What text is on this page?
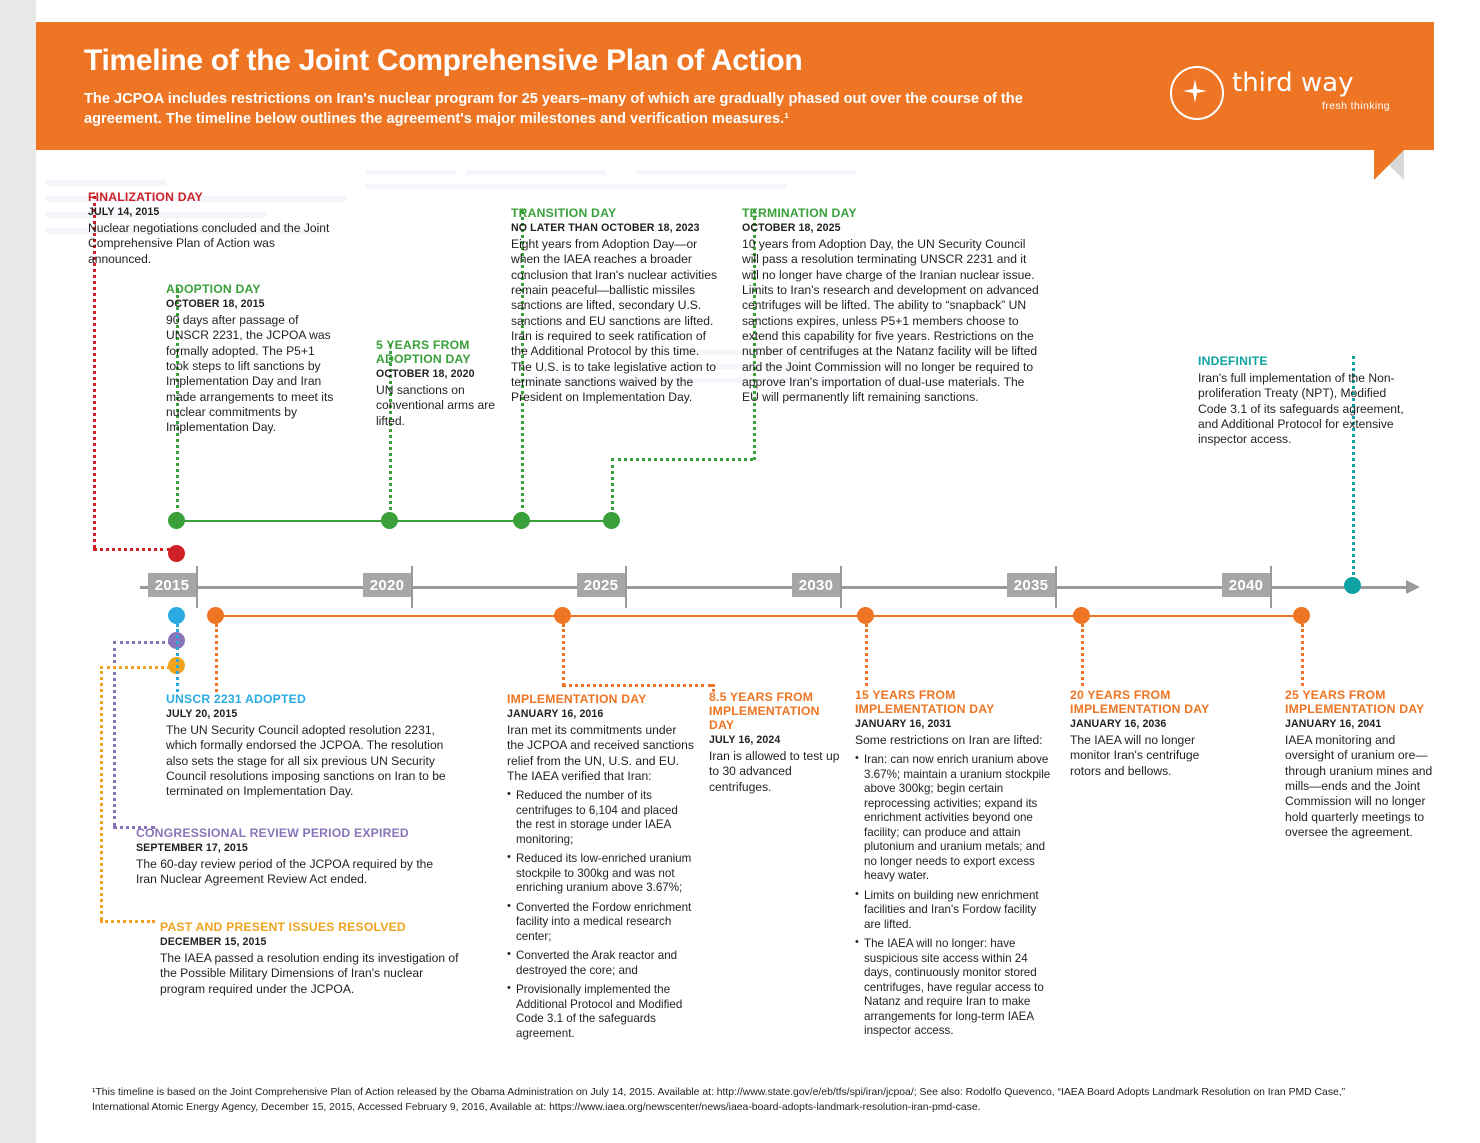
Timeline of the Joint Comprehensive Plan of Action
The JCPOA includes restrictions on Iran's nuclear program for 25 years–many of which are gradually phased out over the course of the agreement. The timeline below outlines the agreement's major milestones and verification measures.¹
third way
fresh thinking
2015	2020	2025	2030	2035	2040
FINALIZATION DAY
JULY 14, 2015
Nuclear negotiations concluded and the Joint Comprehensive Plan of Action was announced.
ADOPTION DAY
OCTOBER 18, 2015
90 days after passage of UNSCR 2231, the JCPOA was formally adopted. The P5+1 took steps to lift sanctions by Implementation Day and Iran made arrangements to meet its nuclear commitments by Implementation Day.
5 YEARS FROM ADOPTION DAY
OCTOBER 18, 2020
UN sanctions on conventional arms are lifted.
TRANSITION DAY
NO LATER THAN OCTOBER 18, 2023
Eight years from Adoption Day—or when the IAEA reaches a broader conclusion that Iran's nuclear activities remain peaceful—ballistic missiles sanctions are lifted, secondary U.S. sanctions and EU sanctions are lifted. Iran is required to seek ratification of the Additional Protocol by this time. The U.S. is to take legislative action to terminate sanctions waived by the President on Implementation Day.
TERMINATION DAY
OCTOBER 18, 2025
10 years from Adoption Day, the UN Security Council will pass a resolution terminating UNSCR 2231 and it will no longer have charge of the Iranian nuclear issue. Limits to Iran's research and development on advanced centrifuges will be lifted. The ability to “snapback” UN sanctions expires, unless P5+1 members choose to extend this capability for five years. Restrictions on the number of centrifuges at the Natanz facility will be lifted and the Joint Commission will no longer be required to approve Iran's importation of dual-use materials. The EU will permanently lift remaining sanctions.
INDEFINITE
Iran's full implementation of the Non-proliferation Treaty (NPT), Modified Code 3.1 of its safeguards agreement, and Additional Protocol for extensive inspector access.
UNSCR 2231 ADOPTED
JULY 20, 2015
The UN Security Council adopted resolution 2231, which formally endorsed the JCPOA. The resolution also sets the stage for all six previous UN Security Council resolutions imposing sanctions on Iran to be terminated on Implementation Day.
CONGRESSIONAL REVIEW PERIOD EXPIRED
SEPTEMBER 17, 2015
The 60-day review period of the JCPOA required by the Iran Nuclear Agreement Review Act ended.
PAST AND PRESENT ISSUES RESOLVED
DECEMBER 15, 2015
The IAEA passed a resolution ending its investigation of the Possible Military Dimensions of Iran's nuclear program required under the JCPOA.
IMPLEMENTATION DAY
JANUARY 16, 2016
Iran met its commitments under the JCPOA and received sanctions relief from the UN, U.S. and EU. The IAEA verified that Iran:
• Reduced the number of its centrifuges to 6,104 and placed the rest in storage under IAEA monitoring;
• Reduced its low-enriched uranium stockpile to 300kg and was not enriching uranium above 3.67%;
• Converted the Fordow enrichment facility into a medical research center;
• Converted the Arak reactor and destroyed the core; and
• Provisionally implemented the Additional Protocol and Modified Code 3.1 of the safeguards agreement.
8.5 YEARS FROM IMPLEMENTATION DAY
JULY 16, 2024
Iran is allowed to test up to 30 advanced centrifuges.
15 YEARS FROM IMPLEMENTATION DAY
JANUARY 16, 2031
Some restrictions on Iran are lifted:
• Iran: can now enrich uranium above 3.67%; maintain a uranium stockpile above 300kg; begin certain reprocessing activities; expand its enrichment activities beyond one facility; can produce and attain plutonium and uranium metals; and no longer needs to export excess heavy water.
• Limits on building new enrichment facilities and Iran's Fordow facility are lifted.
• The IAEA will no longer: have suspicious site access within 24 days, continuously monitor stored centrifuges, have regular access to Natanz and require Iran to make arrangements for long-term IAEA inspector access.
20 YEARS FROM IMPLEMENTATION DAY
JANUARY 16, 2036
The IAEA will no longer monitor Iran's centrifuge rotors and bellows.
25 YEARS FROM IMPLEMENTATION DAY
JANUARY 16, 2041
IAEA monitoring and oversight of uranium ore—through uranium mines and mills—ends and the Joint Commission will no longer hold quarterly meetings to oversee the agreement.
¹This timeline is based on the Joint Comprehensive Plan of Action released by the Obama Administration on July 14, 2015. Available at: http://www.state.gov/e/eb/tfs/spi/iran/jcpoa/; See also: Rodolfo Quevenco, “IAEA Board Adopts Landmark Resolution on Iran PMD Case,” International Atomic Energy Agency, December 15, 2015, Accessed February 9, 2016, Available at: https://www.iaea.org/newscenter/news/iaea-board-adopts-landmark-resolution-iran-pmd-case.
